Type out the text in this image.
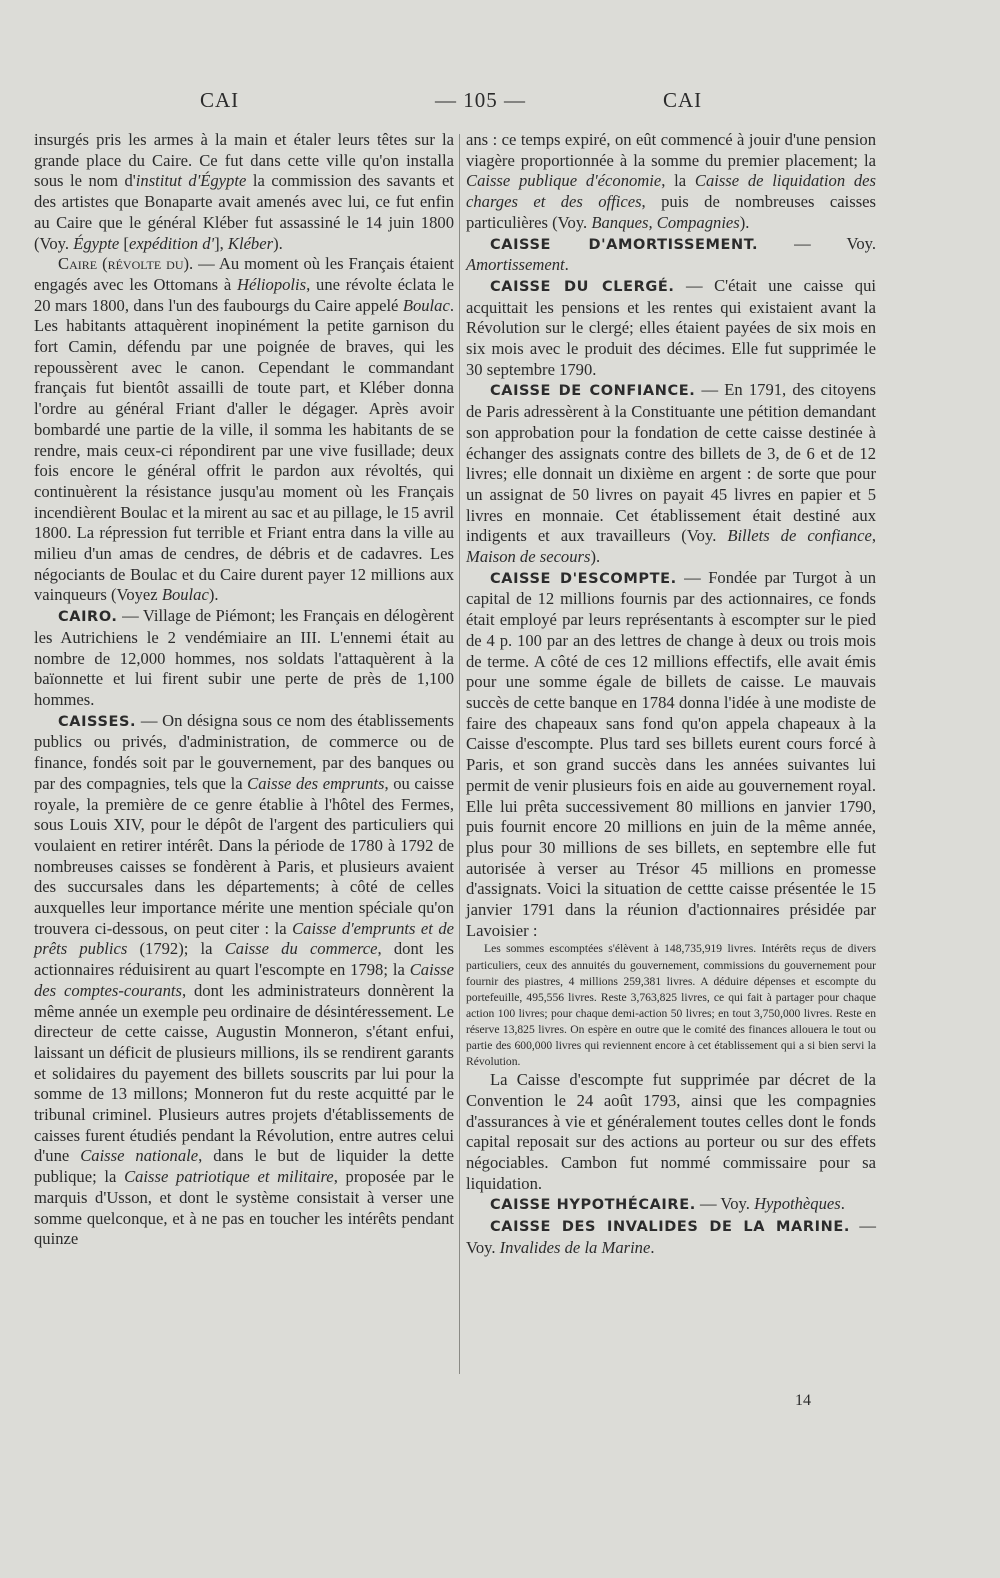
CAI	— 105 —	CAI

insurgés pris les armes à la main et étaler leurs têtes sur la grande place du Caire. Ce fut dans cette ville qu'on installa sous le nom d'institut d'Égypte la commission des savants et des artistes que Bonaparte avait amenés avec lui, ce fut enfin au Caire que le général Kléber fut assassiné le 14 juin 1800 (Voy. Égypte [expédition d'], Kléber).

Caire (révolte du). — Au moment où les Français étaient engagés avec les Ottomans à Héliopolis, une révolte éclata le 20 mars 1800, dans l'un des faubourgs du Caire appelé Boulac. Les habitants attaquèrent inopinément la petite garnison du fort Camin, défendu par une poignée de braves, qui les repoussèrent avec le canon. Cependant le commandant français fut bientôt assailli de toute part, et Kléber donna l'ordre au général Friant d'aller le dégager. Après avoir bombardé une partie de la ville, il somma les habitants de se rendre, mais ceux-ci répondirent par une vive fusillade; deux fois encore le général offrit le pardon aux révoltés, qui continuèrent la résistance jusqu'au moment où les Français incendièrent Boulac et la mirent au sac et au pillage, le 15 avril 1800. La répression fut terrible et Friant entra dans la ville au milieu d'un amas de cendres, de débris et de cadavres. Les négociants de Boulac et du Caire durent payer 12 millions aux vainqueurs (Voyez Boulac).

CAIRO. — Village de Piémont; les Français en délogèrent les Autrichiens le 2 vendémiaire an III. L'ennemi était au nombre de 12,000 hommes, nos soldats l'attaquèrent à la baïonnette et lui firent subir une perte de près de 1,100 hommes.

CAISSES. — On désigna sous ce nom des établissements publics ou privés, d'administration, de commerce ou de finance, fondés soit par le gouvernement, par des banques ou par des compagnies, tels que la Caisse des emprunts, ou caisse royale, la première de ce genre établie à l'hôtel des Fermes, sous Louis XIV, pour le dépôt de l'argent des particuliers qui voulaient en retirer intérêt. Dans la période de 1780 à 1792 de nombreuses caisses se fondèrent à Paris, et plusieurs avaient des succursales dans les départements; à côté de celles auxquelles leur importance mérite une mention spéciale qu'on trouvera ci-dessous, on peut citer : la Caisse d'emprunts et de prêts publics (1792); la Caisse du commerce, dont les actionnaires réduisirent au quart l'escompte en 1798; la Caisse des comptes-courants, dont les administrateurs donnèrent la même année un exemple peu ordinaire de désintéressement. Le directeur de cette caisse, Augustin Monneron, s'étant enfui, laissant un déficit de plusieurs millions, ils se rendirent garants et solidaires du payement des billets souscrits par lui pour la somme de 13 millons; Monneron fut du reste acquitté par le tribunal criminel. Plusieurs autres projets d'établissements de caisses furent étudiés pendant la Révolution, entre autres celui d'une Caisse nationale, dans le but de liquider la dette publique; la Caisse patriotique et militaire, proposée par le marquis d'Usson, et dont le système consistait à verser une somme quelconque, et à ne pas en toucher les intérêts pendant quinze

ans : ce temps expiré, on eût commencé à jouir d'une pension viagère proportionnée à la somme du premier placement; la Caisse publique d'économie, la Caisse de liquidation des charges et des offices, puis de nombreuses caisses particulières (Voy. Banques, Compagnies).

CAISSE D'AMORTISSEMENT. — Voy. Amortissement.

CAISSE DU CLERGÉ. — C'était une caisse qui acquittait les pensions et les rentes qui existaient avant la Révolution sur le clergé; elles étaient payées de six mois en six mois avec le produit des décimes. Elle fut supprimée le 30 septembre 1790.

CAISSE DE CONFIANCE. — En 1791, des citoyens de Paris adressèrent à la Constituante une pétition demandant son approbation pour la fondation de cette caisse destinée à échanger des assignats contre des billets de 3, de 6 et de 12 livres; elle donnait un dixième en argent : de sorte que pour un assignat de 50 livres on payait 45 livres en papier et 5 livres en monnaie. Cet établissement était destiné aux indigents et aux travailleurs (Voy. Billets de confiance, Maison de secours).

CAISSE D'ESCOMPTE. — Fondée par Turgot à un capital de 12 millions fournis par des actionnaires, ce fonds était employé par leurs représentants à escompter sur le pied de 4 p. 100 par an des lettres de change à deux ou trois mois de terme. A côté de ces 12 millions effectifs, elle avait émis pour une somme égale de billets de caisse. Le mauvais succès de cette banque en 1784 donna l'idée à une modiste de faire des chapeaux sans fond qu'on appela chapeaux à la Caisse d'escompte. Plus tard ses billets eurent cours forcé à Paris, et son grand succès dans les années suivantes lui permit de venir plusieurs fois en aide au gouvernement royal. Elle lui prêta successivement 80 millions en janvier 1790, puis fournit encore 20 millions en juin de la même année, plus pour 30 millions de ses billets, en septembre elle fut autorisée à verser au Trésor 45 millions en promesse d'assignats. Voici la situation de cettte caisse présentée le 15 janvier 1791 dans la réunion d'actionnaires présidée par Lavoisier :

Les sommes escomptées s'élèvent à 148,735,919 livres. Intérêts reçus de divers particuliers, ceux des annuités du gouvernement, commissions du gouvernement pour fournir des piastres, 4 millions 259,381 livres. A déduire dépenses et escompte du portefeuille, 495,556 livres. Reste 3,763,825 livres, ce qui fait à partager pour chaque action 100 livres; pour chaque demi-action 50 livres; en tout 3,750,000 livres. Reste en réserve 13,825 livres. On espère en outre que le comité des finances allouera le tout ou partie des 600,000 livres qui reviennent encore à cet établissement qui a si bien servi la Révolution.

La Caisse d'escompte fut supprimée par décret de la Convention le 24 août 1793, ainsi que les compagnies d'assurances à vie et généralement toutes celles dont le fonds capital reposait sur des actions au porteur ou sur des effets négociables. Cambon fut nommé commissaire pour sa liquidation.

CAISSE HYPOTHÉCAIRE. — Voy. Hypothèques.

CAISSE DES INVALIDES DE LA MARINE. — Voy. Invalides de la Marine.

14
